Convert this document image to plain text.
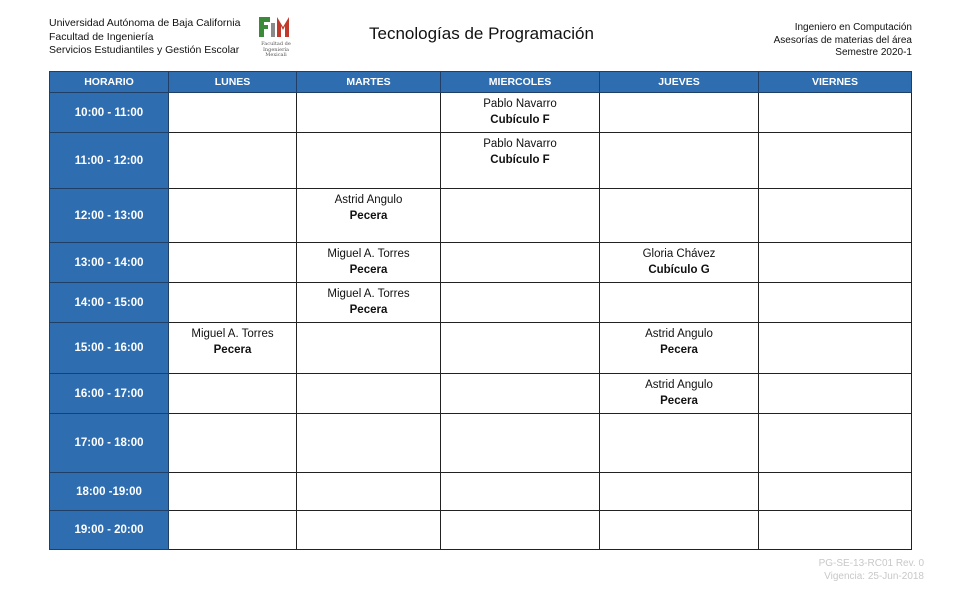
Universidad Autónoma de Baja California
Facultad de Ingeniería
Servicios Estudiantiles y Gestión Escolar	Facultad de
Ingeniería
Mexicali
Tecnologías de Programación	Ingeniero en Computación
Asesorías de materias del área
Semestre 2020-1
HORARIO	LUNES	MARTES	MIERCOLES	JUEVES	VIERNES
10:00 - 11:00			Pablo Navarro
Cubículo F		

11:00 - 12:00			Pablo Navarro
Cubículo F		

12:00 - 13:00		Astrid Angulo
Pecera			

13:00 - 14:00		Miguel A. Torres
Pecera		Gloria Chávez
Cubículo G	

14:00 - 15:00		Miguel A. Torres
Pecera			

15:00 - 16:00	Miguel A. Torres
Pecera			Astrid Angulo
Pecera	

16:00 - 17:00				Astrid Angulo
Pecera	

17:00 - 18:00					
18:00 -19:00					
19:00 - 20:00					
PG-SE-13-RC01 Rev. 0
Vigencia: 25-Jun-2018
